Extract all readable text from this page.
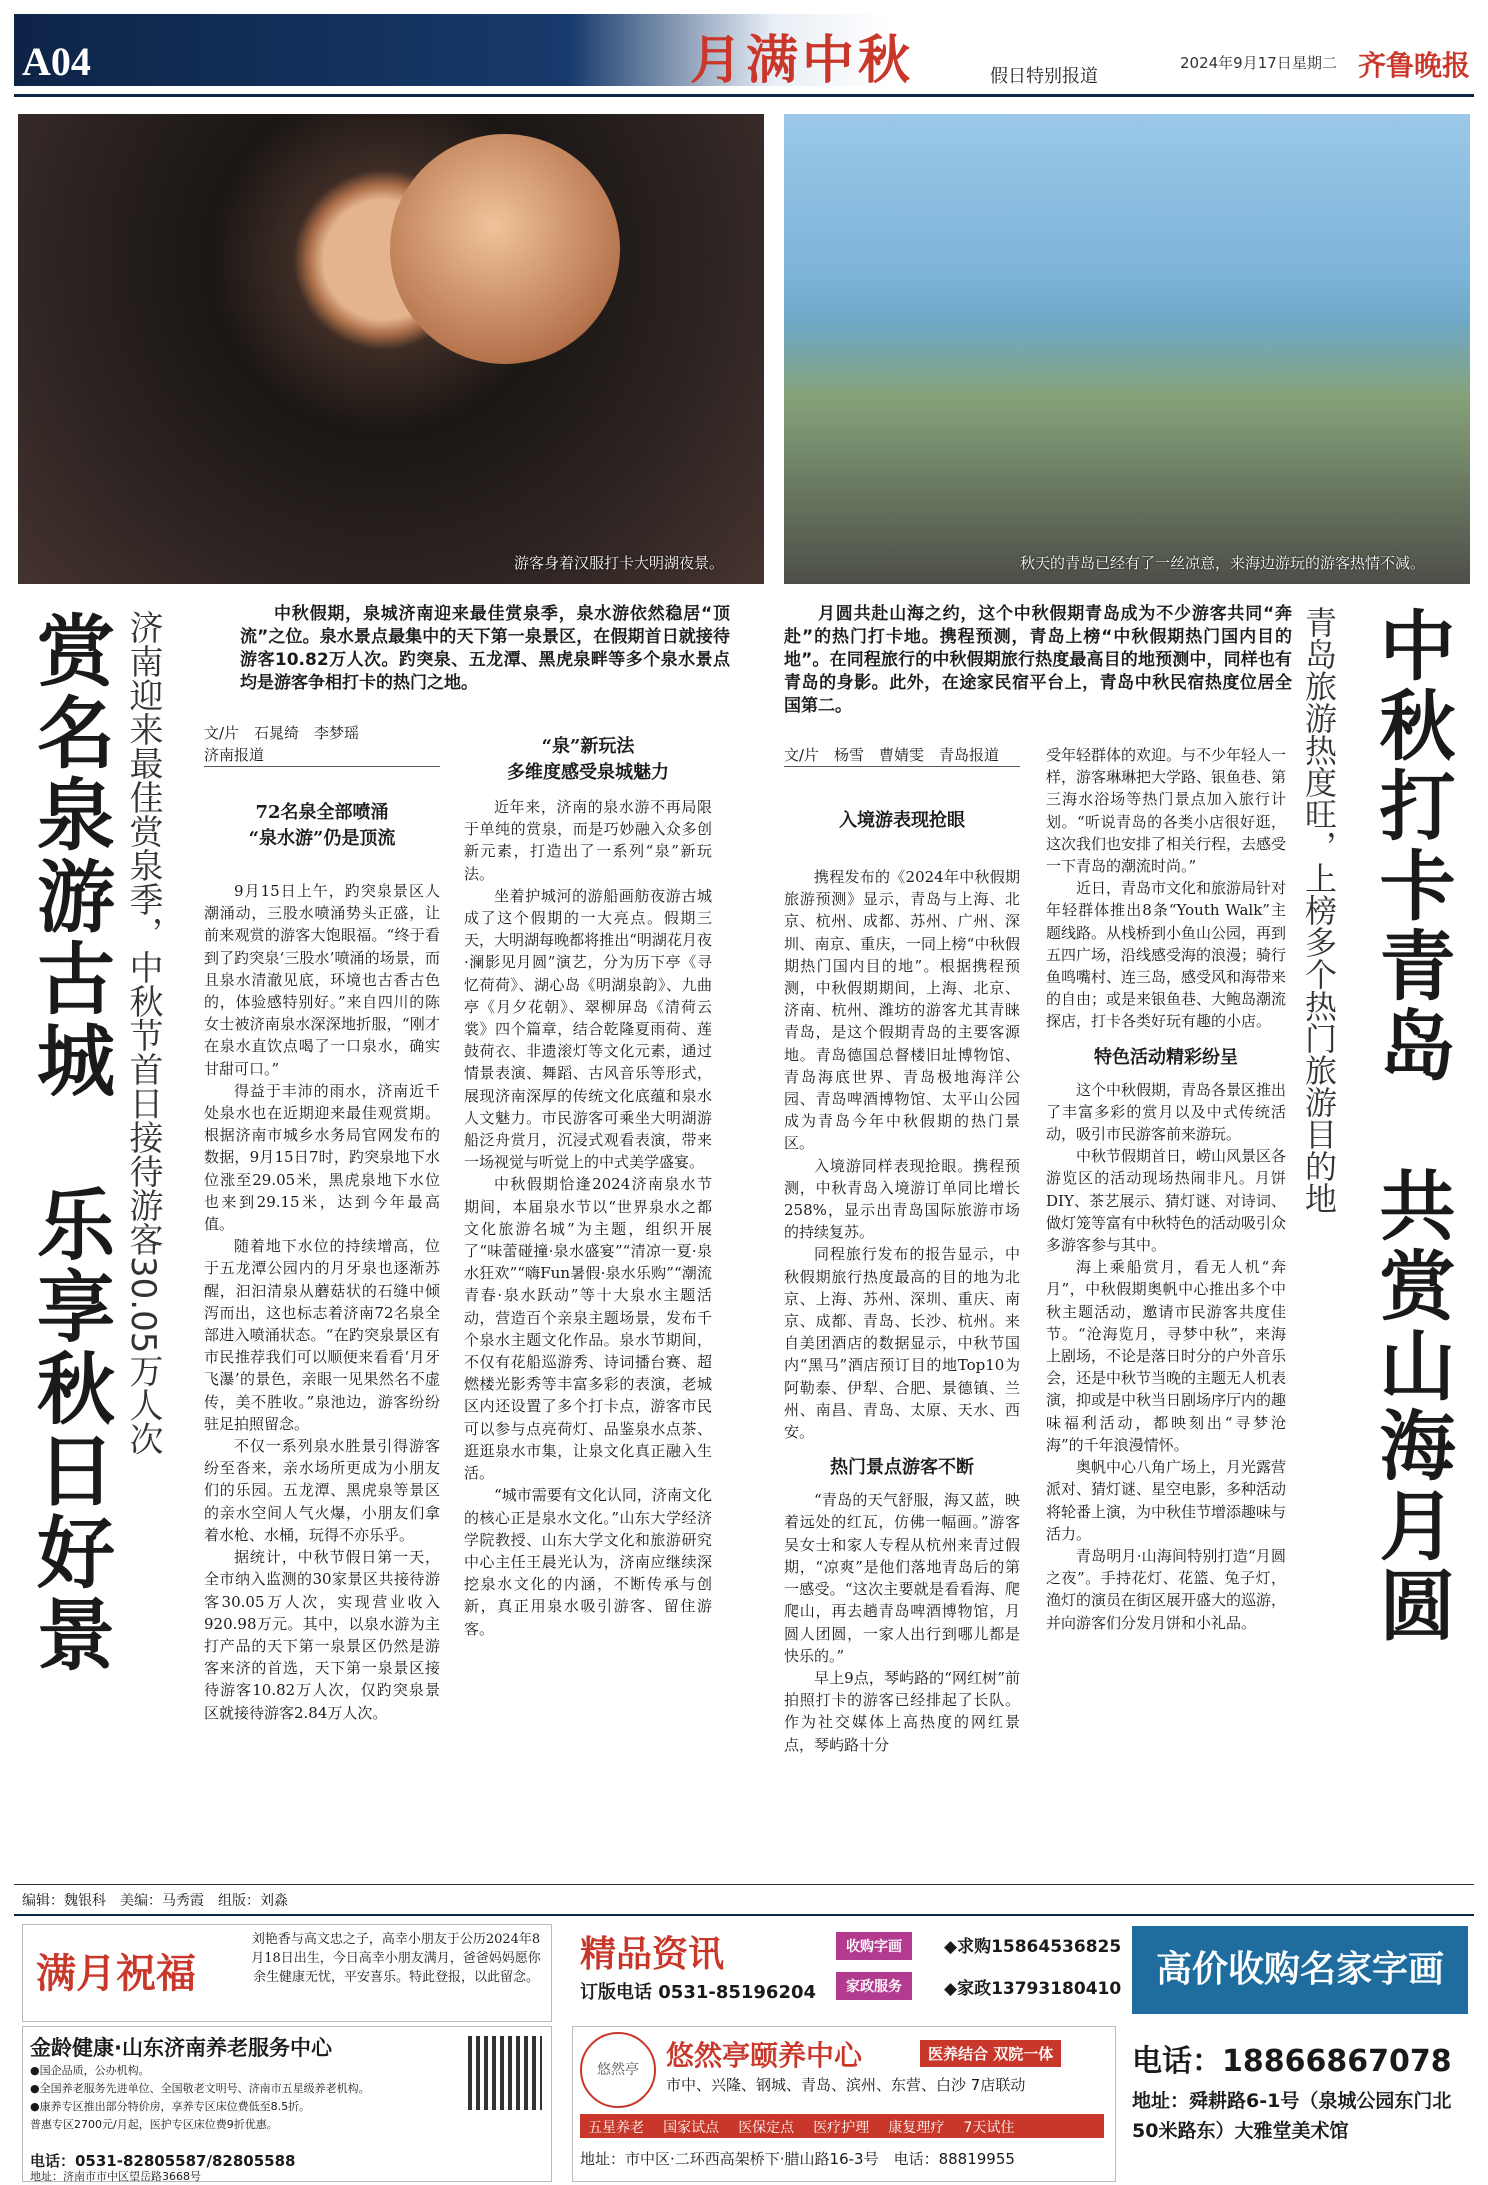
A04	月满中秋	假日特别报道
2024年9月17日 星期二 齐鲁晚报
游客身着汉服打卡大明湖夜景。	秋天的青岛已经有了一丝凉意，来海边游玩的游客热情不减。
赏名泉游古城　乐享秋日好景 济南迎来最佳赏泉季，中秋节首日接待游客30.05万人次	中秋假期，泉城济南迎来最佳赏泉季，泉水游依然稳居“顶流”之位。泉水景点最集中的天下第一泉景区，在假期首日就接待游客10.82万人次。趵突泉、五龙潭、黑虎泉畔等多个泉水景点均是游客争相打卡的热门之地。
文/片　石晁绮　李梦瑶
济南报道
72名泉全部喷涌
“泉水游”仍是顶流

9月15日上午，趵突泉景区人潮涌动，三股水喷涌势头正盛，让前来观赏的游客大饱眼福。“终于看到了趵突泉‘三股水’喷涌的场景，而且泉水清澈见底，环境也古香古色的，体验感特别好。”来自四川的陈女士被济南泉水深深地折服，“刚才在泉水直饮点喝了一口泉水，确实甘甜可口。”

得益于丰沛的雨水，济南近千处泉水也在近期迎来最佳观赏期。根据济南市城乡水务局官网发布的数据，9月15日7时，趵突泉地下水位涨至29.05米，黑虎泉地下水位也来到29.15米，达到今年最高值。

随着地下水位的持续增高，位于五龙潭公园内的月牙泉也逐渐苏醒，汩汩清泉从蘑菇状的石缝中倾泻而出，这也标志着济南72名泉全部进入喷涌状态。“在趵突泉景区有市民推荐我们可以顺便来看看‘月牙飞瀑’的景色，亲眼一见果然名不虚传，美不胜收。”泉池边，游客纷纷驻足拍照留念。

不仅一系列泉水胜景引得游客纷至沓来，亲水场所更成为小朋友们的乐园。五龙潭、黑虎泉等景区的亲水空间人气火爆，小朋友们拿着水枪、水桶，玩得不亦乐乎。

据统计，中秋节假日第一天，全市纳入监测的30家景区共接待游客30.05万人次，实现营业收入920.98万元。其中，以泉水游为主打产品的天下第一泉景区仍然是游客来济的首选，天下第一泉景区接待游客10.82万人次，仅趵突泉景区就接待游客2.84万人次。

“泉”新玩法
多维度感受泉城魅力

近年来，济南的泉水游不再局限于单纯的赏泉，而是巧妙融入众多创新元素，打造出了一系列“泉”新玩法。

坐着护城河的游船画舫夜游古城成了这个假期的一大亮点。假期三天，大明湖每晚都将推出“明湖花月夜·澜影见月圆”演艺，分为历下亭《寻忆荷荷》、湖心岛《明湖泉韵》、九曲亭《月夕花朝》、翠柳屏岛《清荷云裳》四个篇章，结合乾隆夏雨荷、莲鼓荷衣、非遗滚灯等文化元素，通过情景表演、舞蹈、古风音乐等形式，展现济南深厚的传统文化底蕴和泉水人文魅力。市民游客可乘坐大明湖游船泛舟赏月，沉浸式观看表演，带来一场视觉与听觉上的中式美学盛宴。

中秋假期恰逢2024济南泉水节期间，本届泉水节以“世界泉水之都　文化旅游名城”为主题，组织开展了“味蕾碰撞·泉水盛宴”“清凉一夏·泉水狂欢”“嗨Fun暑假·泉水乐购”“潮流青春·泉水跃动”等十大泉水主题活动，营造百个亲泉主题场景，发布千个泉水主题文化作品。泉水节期间，不仅有花船巡游秀、诗词播台赛、超燃楼光影秀等丰富多彩的表演，老城区内还设置了多个打卡点，游客市民可以参与点亮荷灯、品鉴泉水点茶、逛逛泉水市集，让泉文化真正融入生活。

“城市需要有文化认同，济南文化的核心正是泉水文化。”山东大学经济学院教授、山东大学文化和旅游研究中心主任王晨光认为，济南应继续深挖泉水文化的内涵，不断传承与创新，真正用泉水吸引游客、留住游客。	中秋打卡青岛　共赏山海月圆
青岛旅游热度旺，上榜多个热门旅游目的地
月圆共赴山海之约，这个中秋假期青岛成为不少游客共同“奔赴”的热门打卡地。携程预测，青岛上榜“中秋假期热门国内目的地”。在同程旅行的中秋假期旅行热度最高目的地预测中，同样也有青岛的身影。此外，在途家民宿平台上，青岛中秋民宿热度位居全国第二。
文/片　杨雪　曹婧雯　青岛报道
入境游表现抢眼

携程发布的《2024年中秋假期旅游预测》显示，青岛与上海、北京、杭州、成都、苏州、广州、深圳、南京、重庆，一同上榜“中秋假期热门国内目的地”。根据携程预测，中秋假期期间，上海、北京、济南、杭州、潍坊的游客尤其青睐青岛，是这个假期青岛的主要客源地。青岛德国总督楼旧址博物馆、青岛海底世界、青岛极地海洋公园、青岛啤酒博物馆、太平山公园成为青岛今年中秋假期的热门景区。

入境游同样表现抢眼。携程预测，中秋青岛入境游订单同比增长258%，显示出青岛国际旅游市场的持续复苏。

同程旅行发布的报告显示，中秋假期旅行热度最高的目的地为北京、上海、苏州、深圳、重庆、南京、成都、青岛、长沙、杭州。来自美团酒店的数据显示，中秋节国内“黑马”酒店预订目的地Top10为阿勒泰、伊犁、合肥、景德镇、兰州、南昌、青岛、太原、天水、西安。

热门景点游客不断

“青岛的天气舒服，海又蓝，映着远处的红瓦，仿佛一幅画。”游客吴女士和家人专程从杭州来青过假期，“凉爽”是他们落地青岛后的第一感受。“这次主要就是看看海、爬爬山，再去趟青岛啤酒博物馆，月圆人团圆，一家人出行到哪儿都是快乐的。”

早上9点，琴屿路的“网红树”前拍照打卡的游客已经排起了长队。作为社交媒体上高热度的网红景点，琴屿路十分

受年轻群体的欢迎。与不少年轻人一样，游客琳琳把大学路、银鱼巷、第三海水浴场等热门景点加入旅行计划。“听说青岛的各类小店很好逛，这次我们也安排了相关行程，去感受一下青岛的潮流时尚。”

近日，青岛市文化和旅游局针对年轻群体推出8条“Youth Walk”主题线路。从栈桥到小鱼山公园，再到五四广场，沿线感受海的浪漫；骑行鱼鸣嘴村、连三岛，感受风和海带来的自由；或是来银鱼巷、大鲍岛潮流探店，打卡各类好玩有趣的小店。

特色活动精彩纷呈

这个中秋假期，青岛各景区推出了丰富多彩的赏月以及中式传统活动，吸引市民游客前来游玩。

中秋节假期首日，崂山风景区各游览区的活动现场热闹非凡。月饼DIY、茶艺展示、猜灯谜、对诗词、做灯笼等富有中秋特色的活动吸引众多游客参与其中。

海上乘船赏月，看无人机“奔月”，中秋假期奥帆中心推出多个中秋主题活动，邀请市民游客共度佳节。“沧海览月，寻梦中秋”，来海上剧场，不论是落日时分的户外音乐会，还是中秋节当晚的主题无人机表演，抑或是中秋当日剧场序厅内的趣味福利活动，都映刻出“寻梦沧海”的千年浪漫情怀。

奥帆中心八角广场上，月光露营派对、猜灯谜、星空电影，多种活动将轮番上演，为中秋佳节增添趣味与活力。

青岛明月·山海间特别打造“月圆之夜”。手持花灯、花篮、兔子灯，渔灯的演员在街区展开盛大的巡游，并向游客们分发月饼和小礼品。

编辑：魏银科　美编：马秀霞　组版：刘淼
满月祝福
刘艳香与高文忠之子，高幸小朋友于公历2024年8月18日出生，今日高幸小朋友满月，爸爸妈妈愿你余生健康无忧，平安喜乐。特此登报，以此留念。
金龄健康·山东济南养老服务中心
●国企品质，公办机构。
●全国养老服务先进单位、全国敬老文明号、济南市五星级养老机构。
●康养专区推出部分特价房，享养专区床位费低至8.5折。
普惠专区2700元/月起，医护专区床位费9折优惠。
电话：0531-82805587/82805588
地址：济南市市中区望岳路3668号
精品资讯
订版电话 0531-85196204
收购字画	◆求购15864536825
家政服务	◆家政13793180410
悠然亭 悠然亭颐养中心	医养结合 双院一体
市中、兴隆、钢城、青岛、滨州、东营、白沙 7店联动
五星养老 国家试点 医保定点 医疗护理 康复理疗 7天试住
地址：市中区·二环西高架桥下·腊山路16-3号　电话：88819955
高价收购名家字画
电话：18866867078
地址：舜耕路6-1号（泉城公园东门北50米路东）大雅堂美术馆
